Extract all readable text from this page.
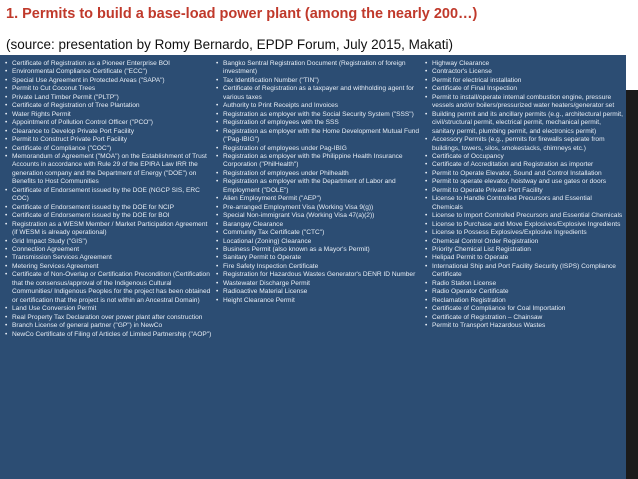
1. Permits to build a base-load power plant (among the nearly 200…)
(source: presentation by Romy Bernardo, EPDP Forum, July 2015, Makati)
• Certificate of Registration as a Pioneer Enterprise BOI
• Environmental Compliance Certificate ("ECC")
• Special Use Agreement in Protected Areas ("SAPA")
• Permit to Cut Coconut Trees
• Private Land Timber Permit ("PLTP")
• Certificate of Registration of Tree Plantation
• Water Rights Permit
• Appointment of Pollution Control Officer ("PCO")
• Clearance to Develop Private Port Facility
• Permit to Construct Private Port Facility
• Certificate of Compliance ("COC")
• Memorandum of Agreement ("MOA") on the Establishment of Trust Accounts in accordance with Rule 29 of the EPIRA Law IRR the generation company and the Department of Energy ("DOE") on Benefits to Host Communities
• Certificate of Endorsement issued by the DOE (NGCP SIS, ERC COC)
• Certificate of Endorsement issued by the DOE for NCIP
• Certificate of Endorsement issued by the DOE for BOI
• Registration as a WESM Member / Market Participation Agreement (if WESM is already operational)
• Grid Impact Study ("GIS")
• Connection Agreement
• Transmission Services Agreement
• Metering Services Agreement
• Certificate of Non-Overlap or Certification Precondition (Certification that the consensus/approval of the Indigenous Cultural Communities/ Indigenous Peoples for the project has been obtained or certification that the project is not within an Ancestral Domain)
• Land Use Conversion Permit
• Real Property Tax Declaration over power plant after construction
• Branch License of general partner ("GP") in NewCo
• NewCo Certificate of Filing of Articles of Limited Partnership ("AOP")
• Bangko Sentral Registration Document (Registration of foreign investment)
• Tax Identification Number ("TIN")
• Certificate of Registration as a taxpayer and withholding agent for various taxes
• Authority to Print Receipts and Invoices
• Registration as employer with the Social Security System ("SSS")
• Registration of employees with the SSS
• Registration as employer with the Home Development Mutual Fund ("Pag-IBIG")
• Registration of employees under Pag-IBIG
• Registration as employer with the Philippine Health Insurance Corporation ("PhilHealth")
• Registration of employees under Philhealth
• Registration as employer with the Department of Labor and Employment ("DOLE")
• Alien Employment Permit ("AEP")
• Pre-arranged Employment Visa (Working Visa 9(g))
• Special Non-immigrant Visa (Working Visa 47(a)(2))
• Barangay Clearance
• Community Tax Certificate ("CTC")
• Locational (Zoning) Clearance
• Business Permit (also known as a Mayor's Permit)
• Sanitary Permit to Operate
• Fire Safety Inspection Certificate
• Registration for Hazardous Wastes Generator's DENR ID Number
• Wastewater Discharge Permit
• Radioactive Material License
• Height Clearance Permit
• Highway Clearance
• Contractor's License
• Permit for electrical installation
• Certificate of Final Inspection
• Permit to install/operate internal combustion engine, pressure vessels and/or boilers/pressurized water heaters/generator set
• Building permit and its ancillary permits (e.g., architectural permit, civil/structural permit, electrical permit, mechanical permit, sanitary permit, plumbing permit, and electronics permit)
• Accessory Permits (e.g., permits for firewalls separate from buildings, towers, silos, smokestacks, chimneys etc.)
• Certificate of Occupancy
• Certificate of Accreditation and Registration as importer
• Permit to Operate Elevator, Sound and Control Installation
• Permit to operate elevator, hoistway and use gates or doors
• Permit to Operate Private Port Facility
• License to Handle Controlled Precursors and Essential Chemicals
• License to Import Controlled Precursors and Essential Chemicals
• License to Purchase and Move Explosives/Explosive Ingredients
• License to Possess Explosives/Explosive Ingredients
• Chemical Control Order Registration
• Priority Chemical List Registration
• Helipad Permit to Operate
• International Ship and Port Facility Security (ISPS) Compliance Certificate
• Radio Station License
• Radio Operator Certificate
• Reclamation Registration
• Certificate of Compliance for Coal Importation
• Certificate of Registration – Chainsaw
• Permit to Transport Hazardous Wastes
